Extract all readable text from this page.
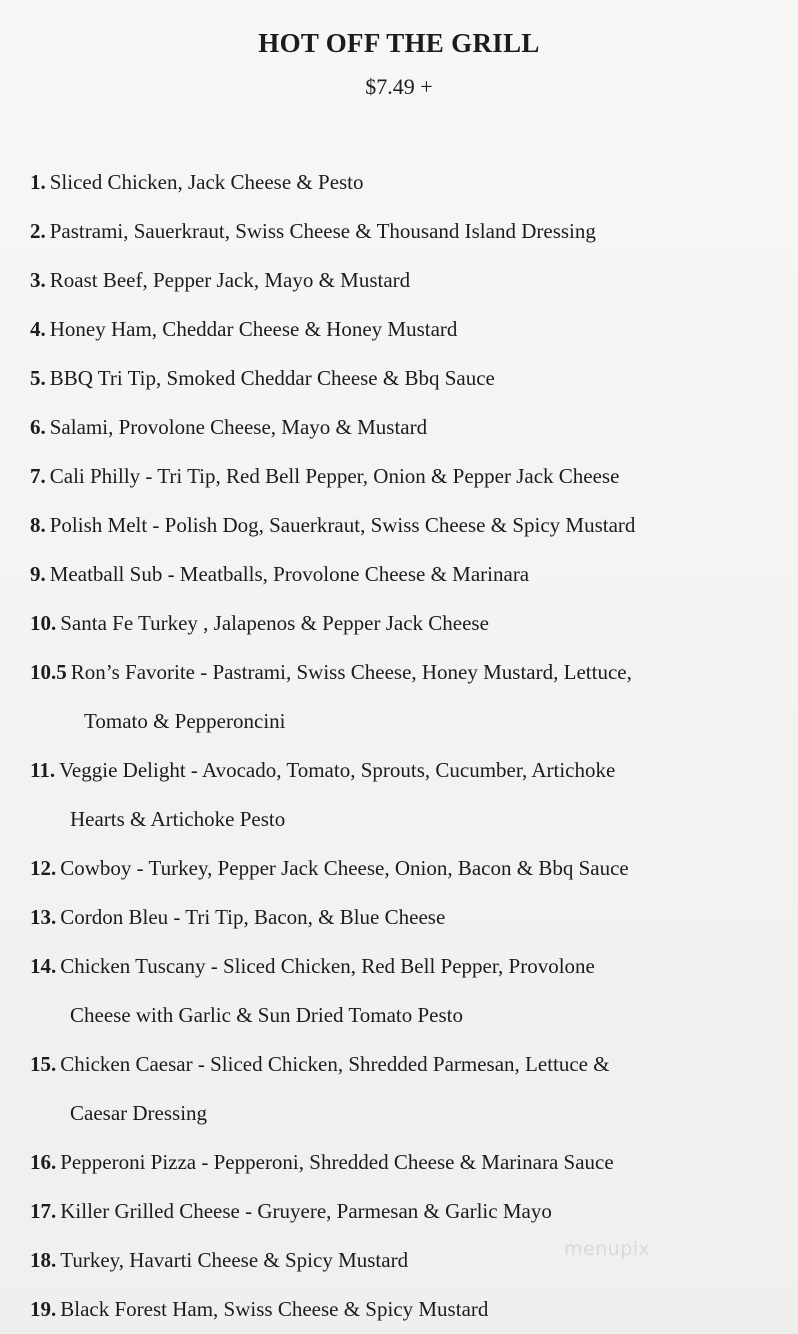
HOT OFF THE GRILL
$7.49 +
1. Sliced Chicken, Jack Cheese & Pesto
2. Pastrami, Sauerkraut, Swiss Cheese & Thousand Island Dressing
3. Roast Beef, Pepper Jack, Mayo & Mustard
4. Honey Ham, Cheddar Cheese & Honey Mustard
5. BBQ Tri Tip, Smoked Cheddar Cheese & Bbq Sauce
6. Salami, Provolone Cheese, Mayo & Mustard
7. Cali Philly - Tri Tip, Red Bell Pepper, Onion & Pepper Jack Cheese
8. Polish Melt - Polish Dog, Sauerkraut, Swiss Cheese & Spicy Mustard
9. Meatball Sub - Meatballs, Provolone Cheese & Marinara
10. Santa Fe Turkey , Jalapenos & Pepper Jack Cheese
10.5 Ron’s Favorite - Pastrami, Swiss Cheese, Honey Mustard, Lettuce,
Tomato & Pepperoncini
11. Veggie Delight - Avocado, Tomato, Sprouts, Cucumber, Artichoke
Hearts & Artichoke Pesto
12. Cowboy - Turkey, Pepper Jack Cheese, Onion, Bacon & Bbq Sauce
13. Cordon Bleu - Tri Tip, Bacon, & Blue Cheese
14. Chicken Tuscany - Sliced Chicken, Red Bell Pepper, Provolone
Cheese with Garlic & Sun Dried Tomato Pesto
15. Chicken Caesar - Sliced Chicken, Shredded Parmesan, Lettuce &
Caesar Dressing
16. Pepperoni Pizza - Pepperoni, Shredded Cheese & Marinara Sauce
17. Killer Grilled Cheese - Gruyere, Parmesan & Garlic Mayo
18. Turkey, Havarti Cheese & Spicy Mustard
19. Black Forest Ham, Swiss Cheese & Spicy Mustard
menupix
